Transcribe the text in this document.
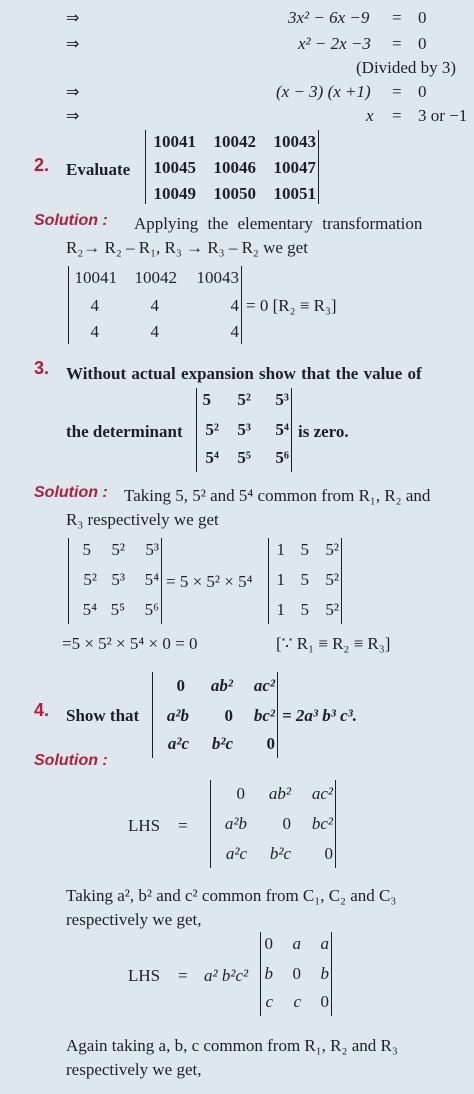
⇒	3x² − 6x −9 = 0
⇒	x² − 2x −3 = 0
(Divided by 3)
⇒	(x − 3) (x +1) = 0
⇒	x = 3 or −1
2. Evaluate
10041 10042 10043
10045 10046 10047
10049 10050 10051
Solution : Applying the elementary transformation
R₂→ R₂ – R₁, R₃ → R₃ – R₂ we get
10041 10042 10043
4	4	4
4	4	4
= 0 [R₂ ≡ R₃]
3. Without actual expansion show that the value of
the determinant
5 5² 5³
5² 5³ 5⁴
5⁴ 5⁵ 5⁶
is zero.
Solution : Taking 5, 5² and 5⁴ common from R₁, R₂ and
R₃ respectively we get
5 5² 5³
5² 5³ 5⁴
5⁴ 5⁵ 5⁶
= 5 × 5² × 5⁴
1 5 5²
1 5 5²
1 5 5²
=5 × 5² × 5⁴ × 0 = 0	[∵ R₁ ≡ R₂ ≡ R₃]
4. Show that
0 ab² ac²
a²b 0 bc²
a²c b²c 0
= 2a³ b³ c³.
Solution :
LHS =
0 ab² ac²
a²b 0 bc²
a²c b²c 0
Taking a², b² and c² common from C₁, C₂ and C₃
respectively we get,
LHS = a² b²c²
0 a a
b 0 b
c c 0
Again taking a, b, c common from R₁, R₂ and R₃
respectively we get,
